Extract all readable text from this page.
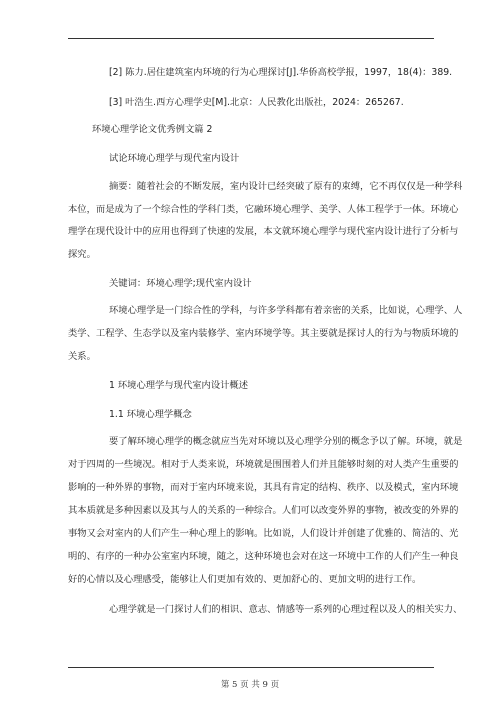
[2] 陈力.居住建筑室内环境的行为心理探讨[J].华侨高校学报，1997，18(4)：389.
[3] 叶浩生.西方心理学史[M].北京：人民教化出版社，2024：265267.
环境心理学论文优秀例文篇 2
试论环境心理学与现代室内设计
摘要：随着社会的不断发展，室内设计已经突破了原有的束缚，它不再仅仅是一种学科
本位，而是成为了一个综合性的学科门类，它融环境心理学、美学、人体工程学于一体。环境心
理学在现代设计中的应用也得到了快速的发展，本文就环境心理学与现代室内设计进行了分析与
探究。
关键词：环境心理学;现代室内设计
环境心理学是一门综合性的学科，与许多学科都有着亲密的关系，比如说，心理学、人
类学、工程学、生态学以及室内装修学、室内环境学等。其主要就是探讨人的行为与物质环境的
关系。
1 环境心理学与现代室内设计概述
1.1 环境心理学概念
要了解环境心理学的概念就应当先对环境以及心理学分别的概念予以了解。环境，就是
对于四周的一些境况。相对于人类来说，环境就是围围着人们并且能够时刻的对人类产生重要的
影响的一种外界的事物，而对于室内环境来说，其具有肯定的结构、秩序、以及模式，室内环境
其本质就是多种因素以及其与人的关系的一种综合。人们可以改变外界的事物，被改变的外界的
事物又会对室内的人们产生一种心理上的影响。比如说，人们设计并创建了优雅的、简洁的、光
明的、有序的一种办公室室内环境，随之，这种环境也会对在这一环境中工作的人们产生一种良
好的心情以及心理感受，能够让人们更加有效的、更加舒心的、更加文明的进行工作。
心理学就是一门探讨人们的相识、意志、情感等一系列的心理过程以及人的相关实力、
第 5 页 共 9 页
